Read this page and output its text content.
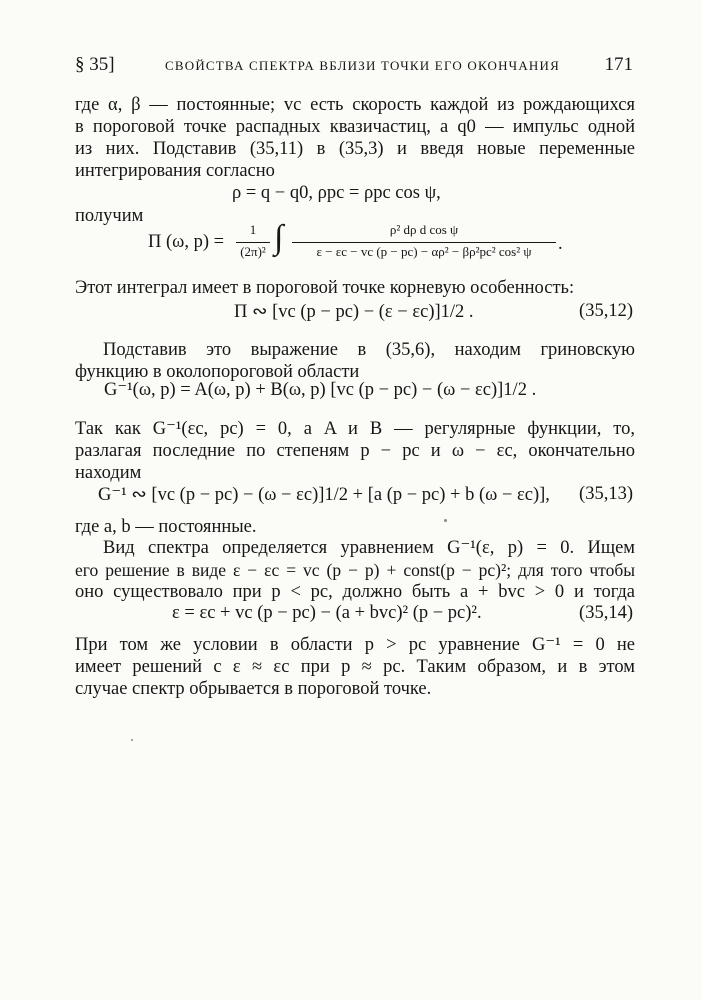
§ 35]	СВОЙСТВА СПЕКТРА ВБЛИЗИ ТОЧКИ ЕГО ОКОНЧАНИЯ 171
где α, β — постоянные; vc есть скорость каждой из рождающихся
в пороговой точке распадных квазичастиц, а q0 — импульс одной
из них. Подставив (35,11) в (35,3) и введя новые переменные
интегрирования согласно
ρ = q − q0, ρpc = ρpc cos ψ,
получим
Π (ω, p) =
1
(2π)² ∫	ρ² dρ d cos ψ
ε − εc − vc (p − pc) − αρ² − βρ²pc² cos² ψ	.
Этот интеграл имеет в пороговой точке корневую особенность:
Π ∾ [vc (p − pc) − (ε − εc)]1/2 .	(35,12)
Подставив это выражение в (35,6), находим гриновскую
функцию в околопороговой области
G⁻¹(ω, p) = A(ω, p) + B(ω, p) [vc (p − pc) − (ω − εc)]1/2 .
Так как G⁻¹(εc, pc) = 0, а A и B — регулярные функции, то,
разлагая последние по степеням p − pc и ω − εc, окончательно
находим
G⁻¹ ∾ [vc (p − pc) − (ω − εc)]1/2 + [a (p − pc) + b (ω − εc)], (35,13)
где a, b — постоянные.
Вид спектра определяется уравнением G⁻¹(ε, p) = 0. Ищем
его решение в виде ε − εc = vc (p − p) + const(p − pc)²; для того чтобы
оно существовало при p < pc, должно быть a + bvc > 0 и тогда
ε = εc + vc (p − pc) − (a + bvc)² (p − pc)².	(35,14)
При том же условии в области p > pc уравнение G⁻¹ = 0 не
имеет решений с ε ≈ εc при p ≈ pc. Таким образом, и в этом
случае спектр обрывается в пороговой точке.
